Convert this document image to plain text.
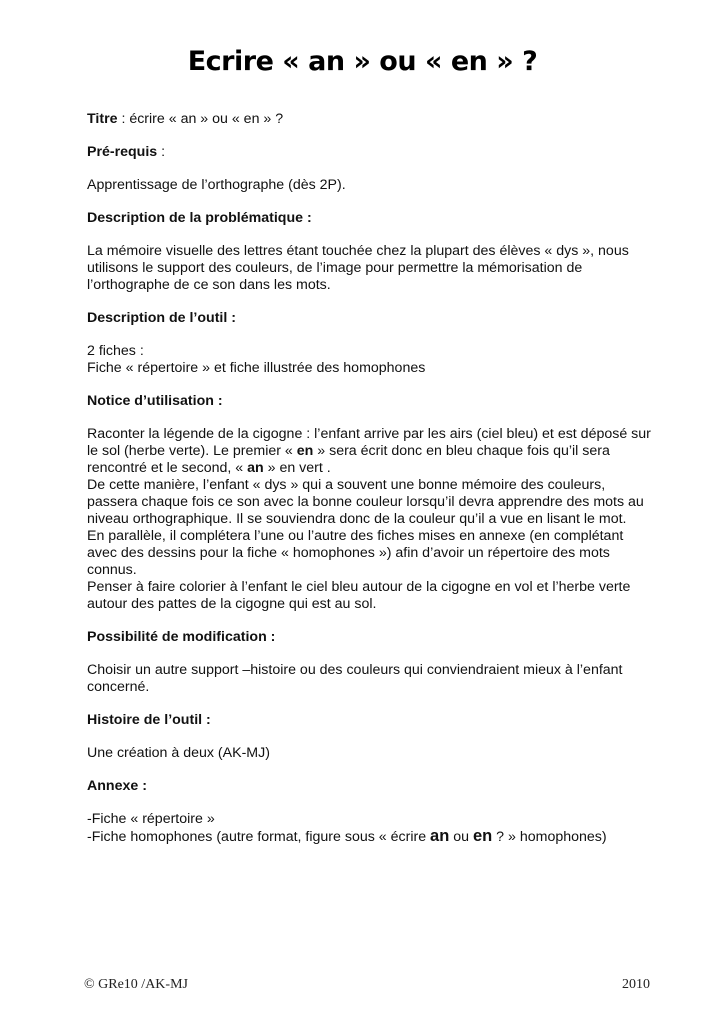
Ecrire « an » ou « en » ?

Titre : écrire « an » ou « en » ?

Pré-requis :

Apprentissage de l’orthographe (dès 2P).

Description de la problématique :

La mémoire visuelle des lettres étant touchée chez la plupart des élèves « dys », nous utilisons le support des couleurs, de l’image pour permettre la mémorisation de l’orthographe de ce son dans les mots.

Description de l’outil :

2 fiches :
Fiche « répertoire » et fiche illustrée des homophones

Notice d’utilisation :

Raconter la légende de la cigogne : l’enfant arrive par les airs (ciel bleu) et est déposé sur le sol (herbe verte). Le premier « en » sera écrit donc en bleu chaque fois qu’il sera rencontré et le second, « an » en vert .
De cette manière, l’enfant « dys » qui a souvent une bonne mémoire des couleurs, passera chaque fois ce son avec la bonne couleur lorsqu’il devra apprendre des mots au niveau orthographique. Il se souviendra donc de la couleur qu’il a vue en lisant le mot.
En parallèle, il complétera l’une ou l’autre des fiches mises en annexe (en complétant avec des dessins pour la fiche « homophones ») afin d’avoir un répertoire des mots connus.
Penser à faire colorier à l’enfant le ciel bleu autour de la cigogne en vol et l’herbe verte autour des pattes de la cigogne qui est au sol.

Possibilité de modification :

Choisir un autre support –histoire ou des couleurs qui conviendraient mieux à l’enfant concerné.

Histoire de l’outil :

Une création à deux (AK-MJ)

Annexe :

-Fiche « répertoire »
-Fiche homophones (autre format, figure sous « écrire an ou en ? » homophones)

© GRe10 /AK-MJ	2010
